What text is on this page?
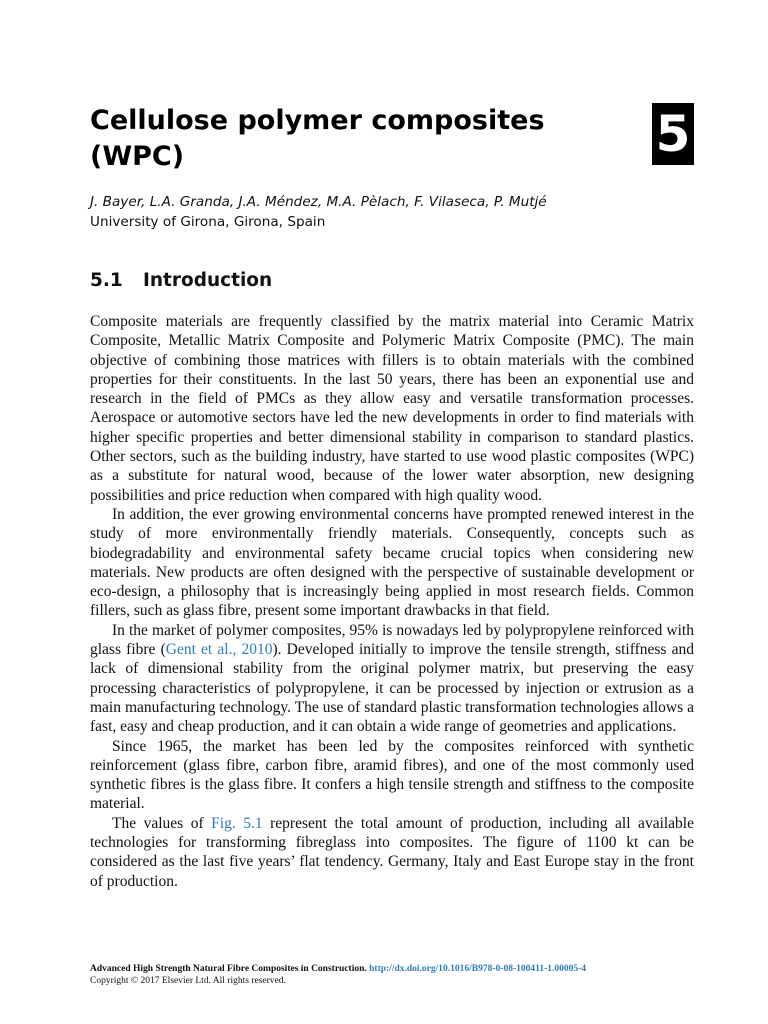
Cellulose polymer composites
(WPC)	5

J. Bayer, L.A. Granda, J.A. Méndez, M.A. Pèlach, F. Vilaseca, P. Mutjé

University of Girona, Girona, Spain

5.1 Introduction

Composite materials are frequently classified by the matrix material into Ceramic Matrix Composite, Metallic Matrix Composite and Polymeric Matrix Composite (PMC). The main objective of combining those matrices with fillers is to obtain materials with the combined properties for their constituents. In the last 50 years, there has been an exponential use and research in the field of PMCs as they allow easy and versatile transformation processes. Aerospace or automotive sectors have led the new developments in order to find materials with higher specific properties and better dimensional stability in comparison to standard plastics. Other sectors, such as the building industry, have started to use wood plastic composites (WPC) as a substitute for natural wood, because of the lower water absorption, new designing possibilities and price reduction when compared with high quality wood.

In addition, the ever growing environmental concerns have prompted renewed interest in the study of more environmentally friendly materials. Consequently, concepts such as biodegradability and environmental safety became crucial topics when considering new materials. New products are often designed with the perspective of sustainable development or eco-design, a philosophy that is increasingly being applied in most research fields. Common fillers, such as glass fibre, present some important drawbacks in that field.

In the market of polymer composites, 95% is nowadays led by polypropylene reinforced with glass fibre (Gent et al., 2010). Developed initially to improve the tensile strength, stiffness and lack of dimensional stability from the original polymer matrix, but preserving the easy processing characteristics of polypropylene, it can be processed by injection or extrusion as a main manufacturing technology. The use of standard plastic transformation technologies allows a fast, easy and cheap production, and it can obtain a wide range of geometries and applications.

Since 1965, the market has been led by the composites reinforced with synthetic reinforcement (glass fibre, carbon fibre, aramid fibres), and one of the most commonly used synthetic fibres is the glass fibre. It confers a high tensile strength and stiffness to the composite material.

The values of Fig. 5.1 represent the total amount of production, including all available technologies for transforming fibreglass into composites. The figure of 1100 kt can be considered as the last five years’ flat tendency. Germany, Italy and East Europe stay in the front of production.

Advanced High Strength Natural Fibre Composites in Construction. http://dx.doi.org/10.1016/B978-0-08-100411-1.00005-4
Copyright © 2017 Elsevier Ltd. All rights reserved.
